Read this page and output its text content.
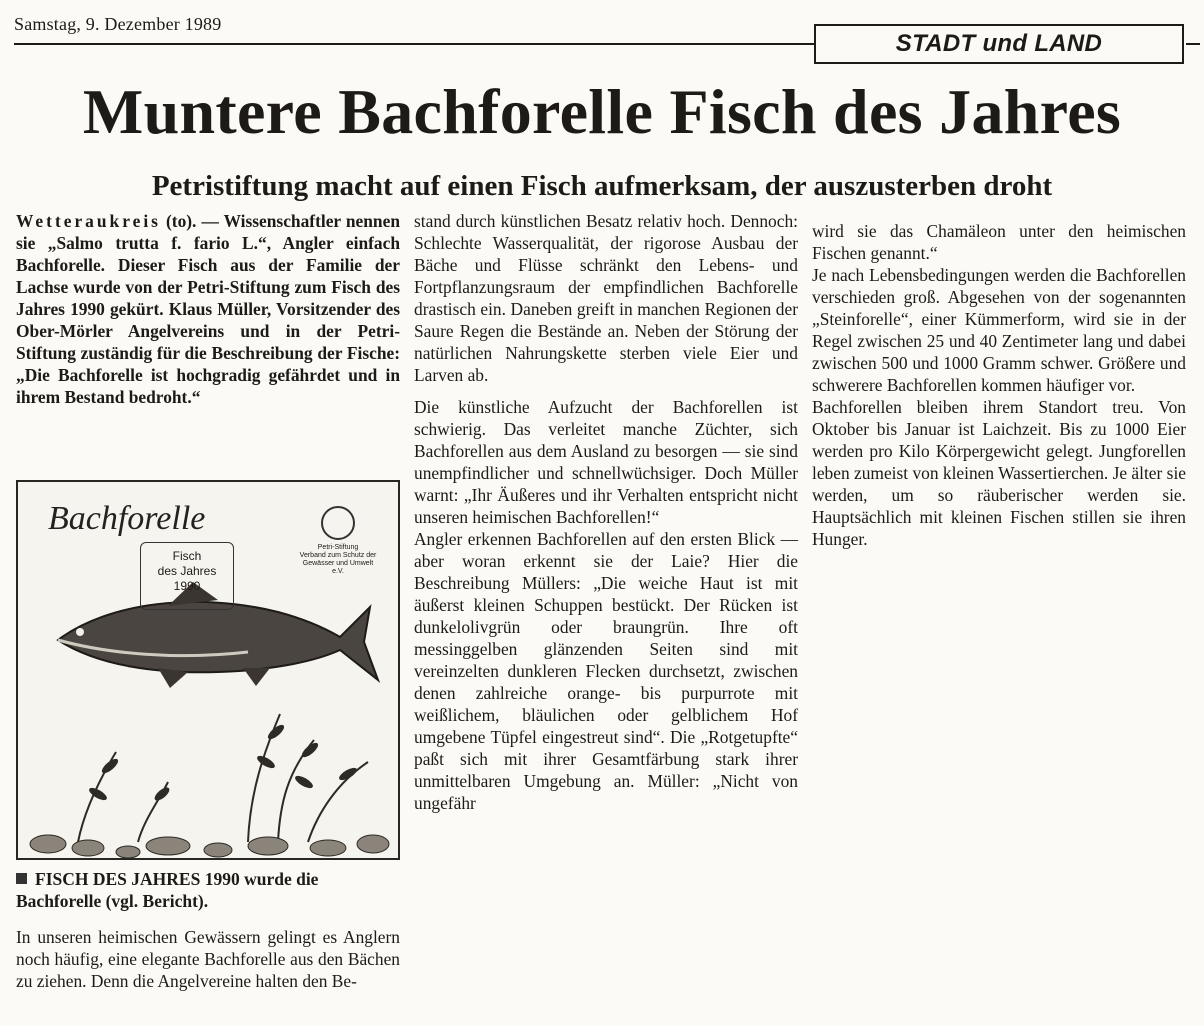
Samstag, 9. Dezember 1989
STADT und LAND
Muntere Bachforelle Fisch des Jahres
Petristiftung macht auf einen Fisch aufmerksam, der auszusterben droht

Wetteraukreis (to). — Wissenschaftler nennen sie „Salmo trutta f. fario L.“, Angler einfach Bachforelle. Dieser Fisch aus der Familie der Lachse wurde von der Petri-Stiftung zum Fisch des Jahres 1990 gekürt. Klaus Müller, Vorsitzender des Ober-Mörler Angelvereins und in der Petri-Stiftung zuständig für die Beschreibung der Fische: „Die Bachforelle ist hochgradig gefährdet und in ihrem Bestand bedroht.“

Bachforelle
Fisch
des Jahres
1990
Petri-Stiftung
Verband zum Schutz der Gewässer und Umwelt e.V.
FISCH DES JAHRES 1990 wurde die Bachforelle (vgl. Bericht).

In unseren heimischen Gewässern gelingt es Anglern noch häufig, eine elegante Bachforelle aus den Bächen zu ziehen. Denn die Angelvereine halten den Be-

stand durch künstlichen Besatz relativ hoch. Dennoch: Schlechte Wasserqualität, der rigorose Ausbau der Bäche und Flüsse schränkt den Lebens- und Fortpflanzungsraum der empfindlichen Bachforelle drastisch ein. Daneben greift in manchen Regionen der Saure Regen die Bestände an. Neben der Störung der natürlichen Nahrungskette sterben viele Eier und Larven ab.

Die künstliche Aufzucht der Bachforellen ist schwierig. Das verleitet manche Züchter, sich Bachforellen aus dem Ausland zu besorgen — sie sind unempfindlicher und schnellwüchsiger. Doch Müller warnt: „Ihr Äußeres und ihr Verhalten entspricht nicht unseren heimischen Bachforellen!“

Angler erkennen Bachforellen auf den ersten Blick — aber woran erkennt sie der Laie? Hier die Beschreibung Müllers: „Die weiche Haut ist mit äußerst kleinen Schuppen bestückt. Der Rücken ist dunkelolivgrün oder braungrün. Ihre oft messinggelben glänzenden Seiten sind mit vereinzelten dunkleren Flecken durchsetzt, zwischen denen zahlreiche orange- bis purpurrote mit weißlichem, bläulichen oder gelblichem Hof umgebene Tüpfel eingestreut sind“. Die „Rotgetupfte“ paßt sich mit ihrer Gesamtfärbung stark ihrer unmittelbaren Umgebung an. Müller: „Nicht von ungefähr

wird sie das Chamäleon unter den heimischen Fischen genannt.“

Je nach Lebensbedingungen werden die Bachforellen verschieden groß. Abgesehen von der sogenannten „Steinforelle“, einer Kümmerform, wird sie in der Regel zwischen 25 und 40 Zentimeter lang und dabei zwischen 500 und 1000 Gramm schwer. Größere und schwerere Bachforellen kommen häufiger vor.

Bachforellen bleiben ihrem Standort treu. Von Oktober bis Januar ist Laichzeit. Bis zu 1000 Eier werden pro Kilo Körpergewicht gelegt. Jungforellen leben zumeist von kleinen Wassertierchen. Je älter sie werden, um so räuberischer werden sie. Hauptsächlich mit kleinen Fischen stillen sie ihren Hunger.
